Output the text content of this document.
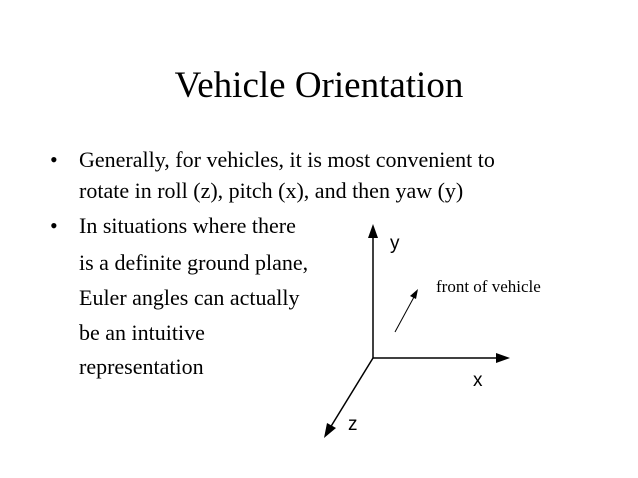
Vehicle Orientation
• Generally, for vehicles, it is most convenient to
rotate in roll (z), pitch (x), and then yaw (y)
• In situations where there
is a definite ground plane,
Euler angles can actually
be an intuitive
representation
y
x
z
front of vehicle
